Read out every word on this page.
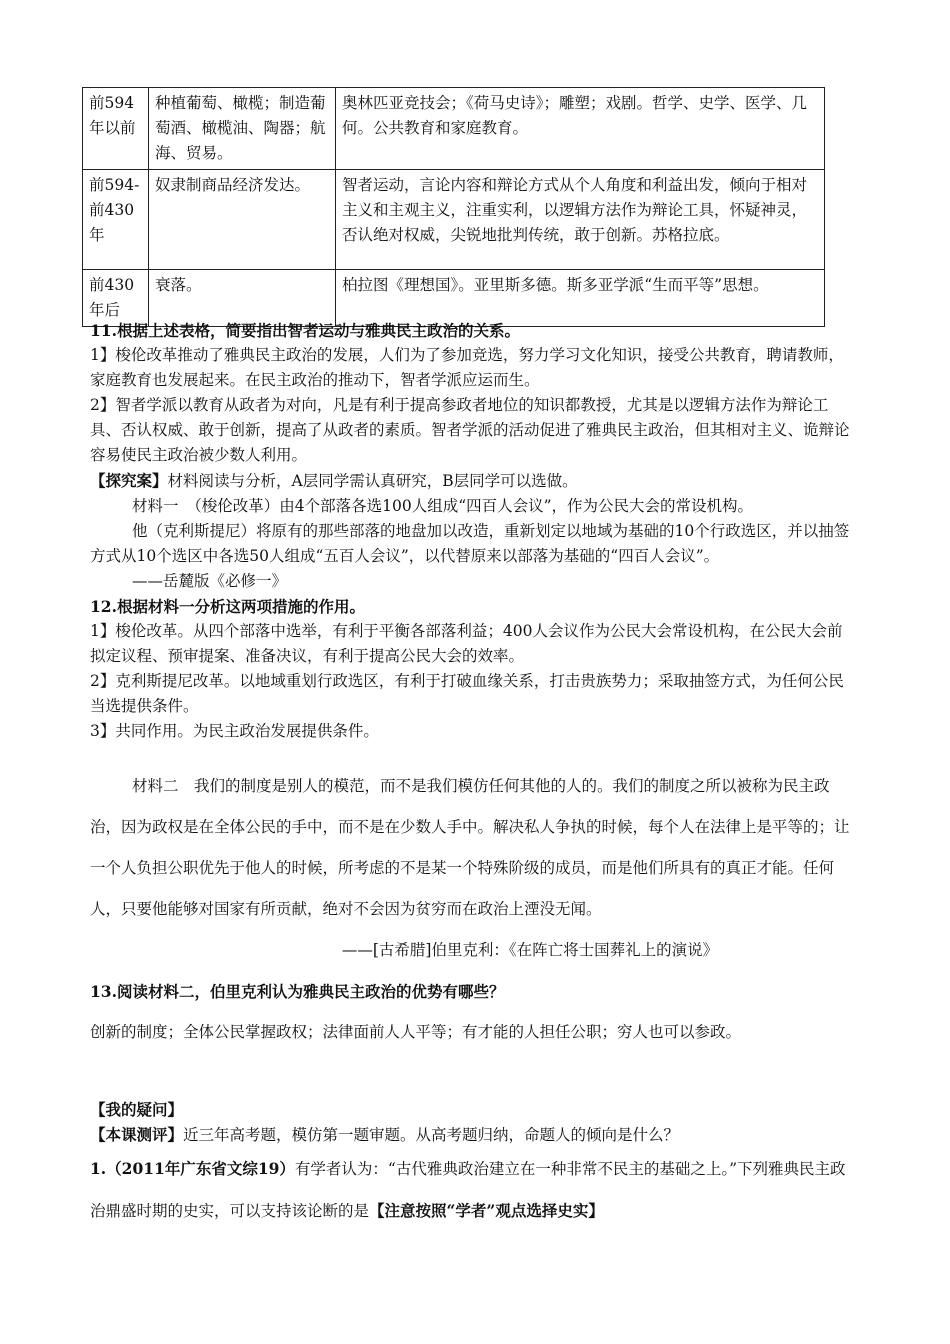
前594年以前	种植葡萄、橄榄；制造葡萄酒、橄榄油、陶器；航海、贸易。	奥林匹亚竞技会；《荷马史诗》；雕塑；戏剧。哲学、史学、医学、几何。公共教育和家庭教育。
前594-前430年	奴隶制商品经济发达。	智者运动，言论内容和辩论方式从个人角度和利益出发，倾向于相对主义和主观主义，注重实利，以逻辑方法作为辩论工具，怀疑神灵，否认绝对权威，尖锐地批判传统，敢于创新。苏格拉底。
前430年后	衰落。	柏拉图《理想国》。亚里斯多德。斯多亚学派“生而平等”思想。

11.根据上述表格，简要指出智者运动与雅典民主政治的关系。

1】梭伦改革推动了雅典民主政治的发展，人们为了参加竞选，努力学习文化知识，接受公共教育，聘请教师，家庭教育也发展起来。在民主政治的推动下，智者学派应运而生。

2】智者学派以教育从政者为对向，凡是有利于提高参政者地位的知识都教授，尤其是以逻辑方法作为辩论工具、否认权威、敢于创新，提高了从政者的素质。智者学派的活动促进了雅典民主政治，但其相对主义、诡辩论容易使民主政治被少数人利用。

【探究案】材料阅读与分析，A层同学需认真研究，B层同学可以选做。

材料一　（梭伦改革）由4个部落各选100人组成“四百人会议”，作为公民大会的常设机构。

他（克利斯提尼）将原有的那些部落的地盘加以改造，重新划定以地域为基础的10个行政选区，并以抽签方式从10个选区中各选50人组成“五百人会议”，以代替原来以部落为基础的“四百人会议”。

——岳麓版《必修一》

12.根据材料一分析这两项措施的作用。

1】梭伦改革。从四个部落中选举，有利于平衡各部落利益；400人会议作为公民大会常设机构，在公民大会前拟定议程、预审提案、准备决议，有利于提高公民大会的效率。

2】克利斯提尼改革。以地域重划行政选区，有利于打破血缘关系，打击贵族势力；采取抽签方式，为任何公民当选提供条件。

3】共同作用。为民主政治发展提供条件。

材料二　我们的制度是别人的模范，而不是我们模仿任何其他的人的。我们的制度之所以被称为民主政治，因为政权是在全体公民的手中，而不是在少数人手中。解决私人争执的时候，每个人在法律上是平等的；让一个人负担公职优先于他人的时候，所考虑的不是某一个特殊阶级的成员，而是他们所具有的真正才能。任何人，只要他能够对国家有所贡献，绝对不会因为贫穷而在政治上湮没无闻。

——[古希腊]伯里克利：《在阵亡将士国葬礼上的演说》

13.阅读材料二，伯里克利认为雅典民主政治的优势有哪些？

创新的制度；全体公民掌握政权；法律面前人人平等；有才能的人担任公职；穷人也可以参政。

【我的疑问】

【本课测评】近三年高考题，模仿第一题审题。从高考题归纳，命题人的倾向是什么？

1.（2011年广东省文综19）有学者认为：“古代雅典政治建立在一种非常不民主的基础之上。”下列雅典民主政治鼎盛时期的史实，可以支持该论断的是【注意按照“学者”观点选择史实】
